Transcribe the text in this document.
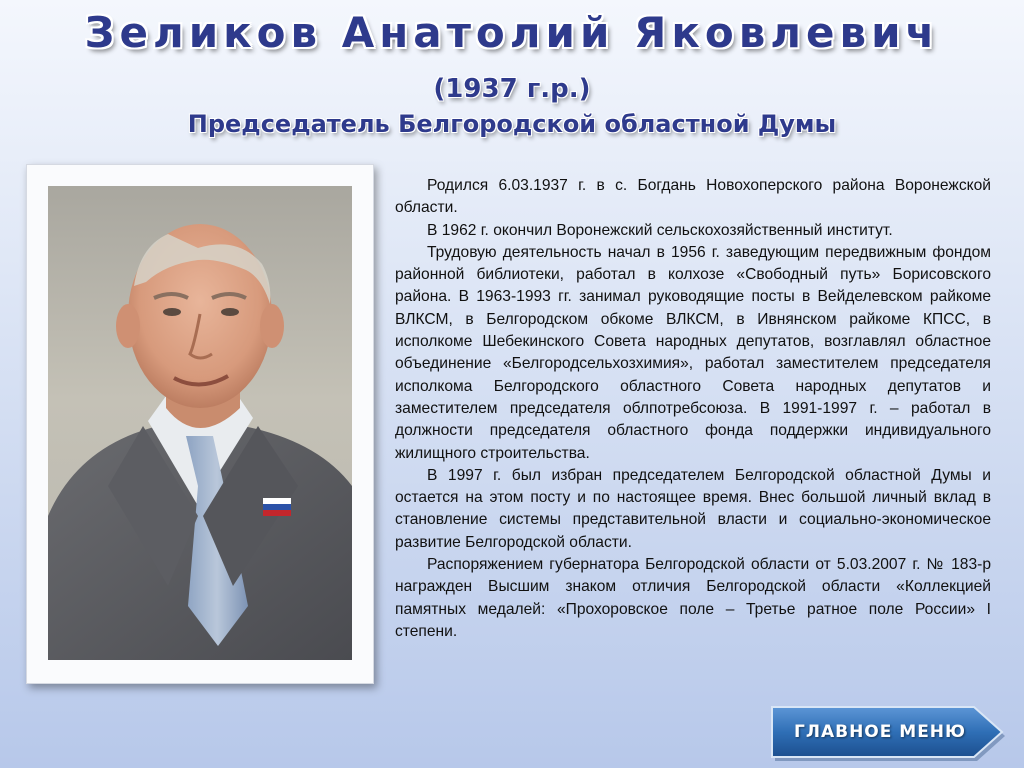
Зеликов Анатолий Яковлевич
(1937 г.р.)
Председатель Белгородской областной Думы

Родился 6.03.1937 г. в с. Богдань Новохоперского района Воронежской области.

В 1962 г. окончил Воронежский сельскохозяйственный институт.

Трудовую деятельность начал в 1956 г. заведующим передвижным фондом районной библиотеки, работал в колхозе «Свободный путь» Борисовского района. В 1963-1993 гг. занимал руководящие посты в Вейделевском райкоме ВЛКСМ, в Белгородском обкоме ВЛКСМ, в Ивнянском райкоме КПСС, в исполкоме Шебекинского Совета народных депутатов, возглавлял областное объединение «Белгородсельхозхимия», работал заместителем председателя исполкома Белгородского областного Совета народных депутатов и заместителем председателя облпотребсоюза. В 1991-1997 г. – работал в должности председателя областного фонда поддержки индивидуального жилищного строительства.

В 1997 г. был избран председателем Белгородской областной Думы и остается на этом посту и по настоящее время. Внес большой личный вклад в становление системы представительной власти и социально-экономическое развитие Белгородской области.

Распоряжением губернатора Белгородской области от 5.03.2007 г. № 183-р награжден Высшим знаком отличия Белгородской области «Коллекцией памятных медалей: «Прохоровское поле – Третье ратное поле России» I степени.

ГЛАВНОЕ МЕНЮ
